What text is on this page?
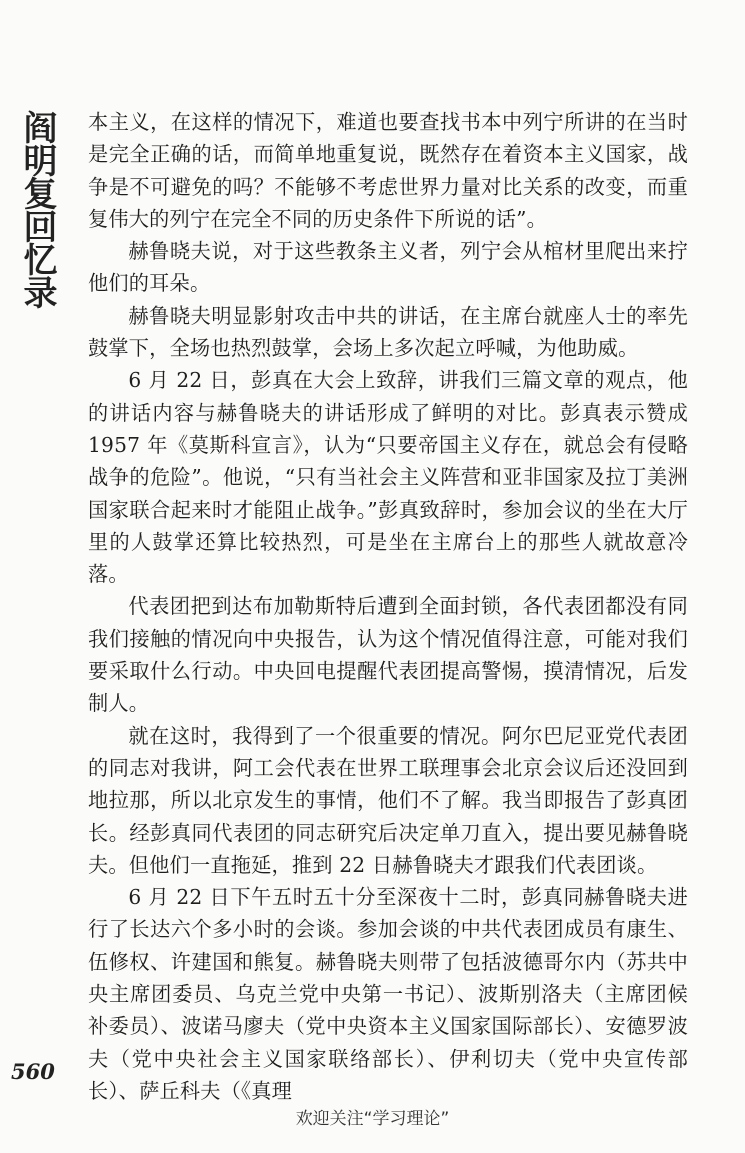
阎明复回忆录 本主义，在这样的情况下，难道也要查找书本中列宁所讲的在当时是完全正确的话，而简单地重复说，既然存在着资本主义国家，战争是不可避免的吗？不能够不考虑世界力量对比关系的改变，而重复伟大的列宁在完全不同的历史条件下所说的话”。

赫鲁晓夫说，对于这些教条主义者，列宁会从棺材里爬出来拧他们的耳朵。

赫鲁晓夫明显影射攻击中共的讲话，在主席台就座人士的率先鼓掌下，全场也热烈鼓掌，会场上多次起立呼喊，为他助威。

6 月 22 日，彭真在大会上致辞，讲我们三篇文章的观点，他的讲话内容与赫鲁晓夫的讲话形成了鲜明的对比。彭真表示赞成 1957 年《莫斯科宣言》，认为“只要帝国主义存在，就总会有侵略战争的危险”。他说，“只有当社会主义阵营和亚非国家及拉丁美洲国家联合起来时才能阻止战争。”彭真致辞时，参加会议的坐在大厅里的人鼓掌还算比较热烈，可是坐在主席台上的那些人就故意冷落。

代表团把到达布加勒斯特后遭到全面封锁，各代表团都没有同我们接触的情况向中央报告，认为这个情况值得注意，可能对我们要采取什么行动。中央回电提醒代表团提高警惕，摸清情况，后发制人。

就在这时，我得到了一个很重要的情况。阿尔巴尼亚党代表团的同志对我讲，阿工会代表在世界工联理事会北京会议后还没回到地拉那，所以北京发生的事情，他们不了解。我当即报告了彭真团长。经彭真同代表团的同志研究后决定单刀直入，提出要见赫鲁晓夫。但他们一直拖延，推到 22 日赫鲁晓夫才跟我们代表团谈。

6 月 22 日下午五时五十分至深夜十二时，彭真同赫鲁晓夫进行了长达六个多小时的会谈。参加会谈的中共代表团成员有康生、伍修权、许建国和熊复。赫鲁晓夫则带了包括波德哥尔内（苏共中央主席团委员、乌克兰党中央第一书记）、波斯别洛夫（主席团候补委员）、波诺马廖夫（党中央资本主义国家国际部长）、安德罗波夫（党中央社会主义国家联络部长）、伊利切夫（党中央宣传部长）、萨丘科夫（《真理

560
欢迎关注“学习理论”
